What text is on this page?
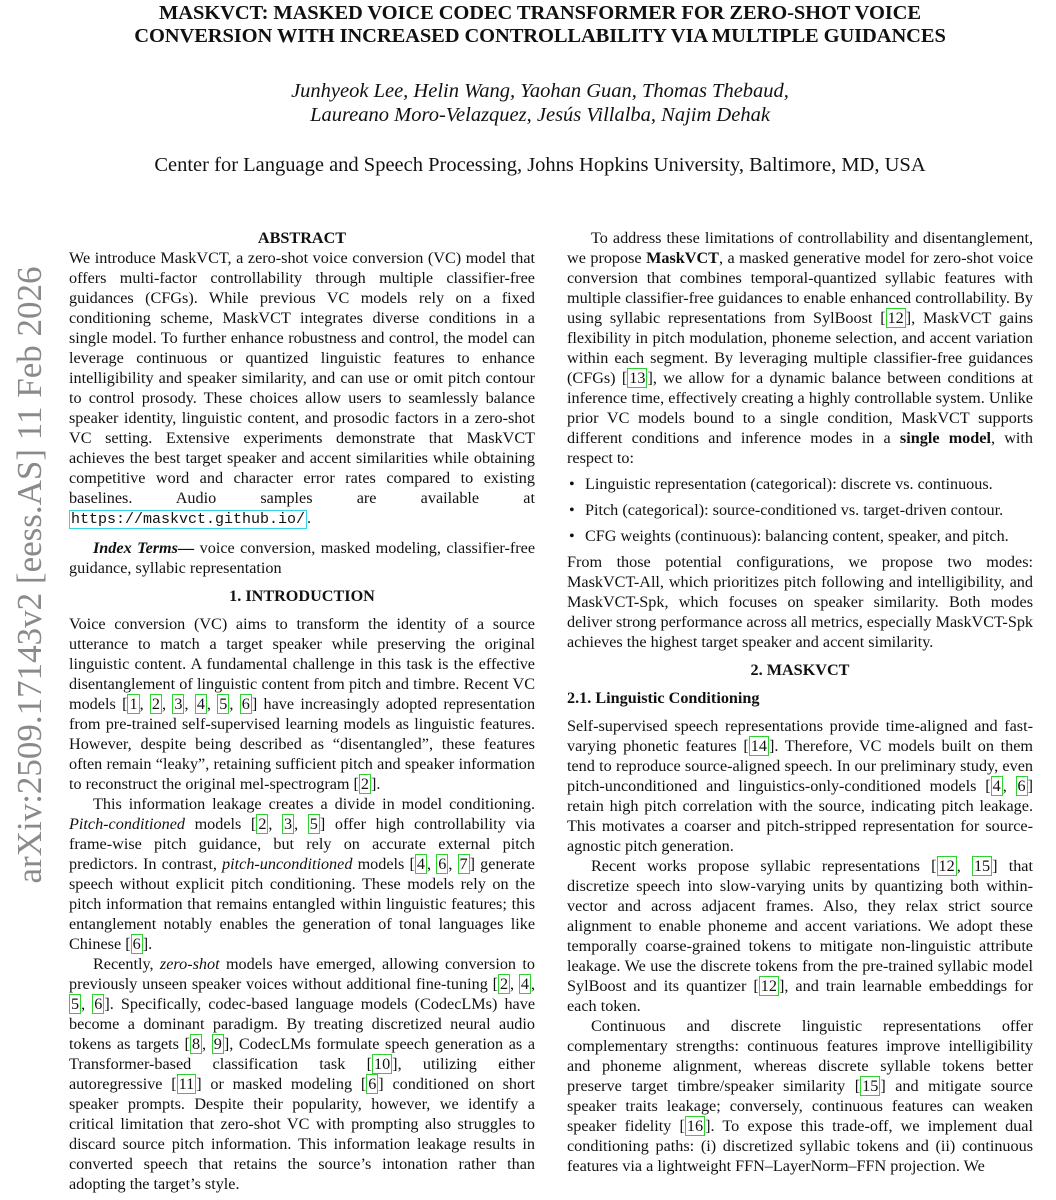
MASKVCT: MASKED VOICE CODEC TRANSFORMER FOR ZERO-SHOT VOICE
CONVERSION WITH INCREASED CONTROLLABILITY VIA MULTIPLE GUIDANCES
Junhyeok Lee, Helin Wang, Yaohan Guan, Thomas Thebaud,
Laureano Moro-Velazquez, Jesús Villalba, Najim Dehak
Center for Language and Speech Processing, Johns Hopkins University, Baltimore, MD, USA
arXiv:2509.17143v2 [eess.AS] 11 Feb 2026
ABSTRACT

We introduce MaskVCT, a zero-shot voice conversion (VC) model that offers multi-factor controllability through multiple classifier-free guidances (CFGs). While previous VC models rely on a fixed conditioning scheme, MaskVCT integrates diverse conditions in a single model. To further enhance robustness and control, the model can leverage continuous or quantized linguistic features to enhance intelligibility and speaker similarity, and can use or omit pitch contour to control prosody. These choices allow users to seamlessly balance speaker identity, linguistic content, and prosodic factors in a zero-shot VC setting. Extensive experiments demonstrate that MaskVCT achieves the best target speaker and accent similarities while obtaining competitive word and character error rates compared to existing baselines. Audio samples are available at https://maskvct.github.io/ .

Index Terms— voice conversion, masked modeling, classifier-free guidance, syllabic representation

1. INTRODUCTION

Voice conversion (VC) aims to transform the identity of a source utterance to match a target speaker while preserving the original linguistic content. A fundamental challenge in this task is the effective disentanglement of linguistic content from pitch and timbre. Recent VC models [ 1 , 2 , 3 , 4 , 5 , 6 ] have increasingly adopted representation from pre-trained self-supervised learning models as linguistic features. However, despite being described as “disentangled”, these features often remain “leaky”, retaining sufficient pitch and speaker information to reconstruct the original mel-spectrogram [ 2 ].

This information leakage creates a divide in model conditioning. Pitch-conditioned models [ 2 , 3 , 5 ] offer high controllability via frame-wise pitch guidance, but rely on accurate external pitch predictors. In contrast, pitch-unconditioned models [ 4 , 6 , 7 ] generate speech without explicit pitch conditioning. These models rely on the pitch information that remains entangled within linguistic features; this entanglement notably enables the generation of tonal languages like Chinese [ 6 ].

Recently, zero-shot models have emerged, allowing conversion to previously unseen speaker voices without additional fine-tuning [ 2 , 4 , 5 , 6 ]. Specifically, codec-based language models (CodecLMs) have become a dominant paradigm. By treating discretized neural audio tokens as targets [ 8 , 9 ], CodecLMs formulate speech generation as a Transformer-based classification task [ 10 ], utilizing either autoregressive [ 11 ] or masked modeling [ 6 ] conditioned on short speaker prompts. Despite their popularity, however, we identify a critical limitation that zero-shot VC with prompting also struggles to discard source pitch information. This information leakage results in converted speech that retains the source’s intonation rather than adopting the target’s style.

To address these limitations of controllability and disentanglement, we propose MaskVCT, a masked generative model for zero-shot voice conversion that combines temporal-quantized syllabic features with multiple classifier-free guidances to enable enhanced controllability. By using syllabic representations from SylBoost [ 12 ], MaskVCT gains flexibility in pitch modulation, phoneme selection, and accent variation within each segment. By leveraging multiple classifier-free guidances (CFGs) [ 13 ], we allow for a dynamic balance between conditions at inference time, effectively creating a highly controllable system. Unlike prior VC models bound to a single condition, MaskVCT supports different conditions and inference modes in a single model, with respect to:

• Linguistic representation (categorical): discrete vs. continuous.
• Pitch (categorical): source-conditioned vs. target-driven contour.
• CFG weights (continuous): balancing content, speaker, and pitch.

From those potential configurations, we propose two modes: MaskVCT-All, which prioritizes pitch following and intelligibility, and MaskVCT-Spk, which focuses on speaker similarity. Both modes deliver strong performance across all metrics, especially MaskVCT-Spk achieves the highest target speaker and accent similarity.

2. MASKVCT
2.1. Linguistic Conditioning

Self-supervised speech representations provide time-aligned and fast-varying phonetic features [ 14 ]. Therefore, VC models built on them tend to reproduce source-aligned speech. In our preliminary study, even pitch-unconditioned and linguistics-only-conditioned models [ 4 , 6 ] retain high pitch correlation with the source, indicating pitch leakage. This motivates a coarser and pitch-stripped representation for source-agnostic pitch generation.

Recent works propose syllabic representations [ 12 , 15 ] that discretize speech into slow-varying units by quantizing both within-vector and across adjacent frames. Also, they relax strict source alignment to enable phoneme and accent variations. We adopt these temporally coarse-grained tokens to mitigate non-linguistic attribute leakage. We use the discrete tokens from the pre-trained syllabic model SylBoost and its quantizer [ 12 ], and train learnable embeddings for each token.

Continuous and discrete linguistic representations offer complementary strengths: continuous features improve intelligibility and phoneme alignment, whereas discrete syllable tokens better preserve target timbre/speaker similarity [ 15 ] and mitigate source speaker traits leakage; conversely, continuous features can weaken speaker fidelity [ 16 ]. To expose this trade-off, we implement dual conditioning paths: (i) discretized syllabic tokens and (ii) continuous features via a lightweight FFN–LayerNorm–FFN projection. We
